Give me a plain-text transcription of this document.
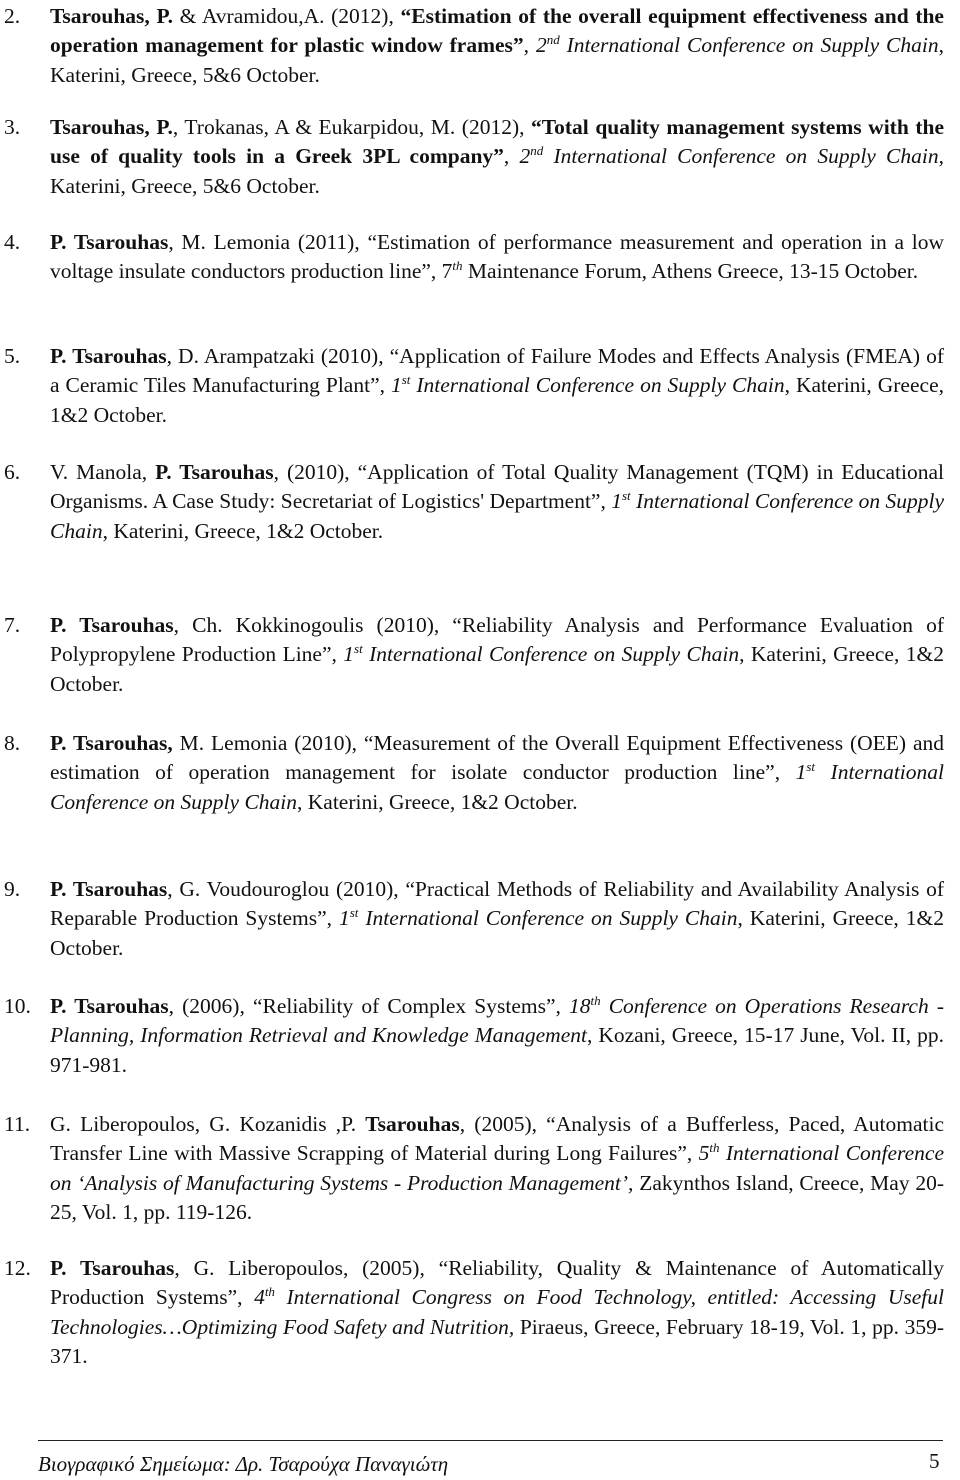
2. Tsarouhas, P. & Avramidou,A. (2012), “Estimation of the overall equipment effectiveness and the operation management for plastic window frames”, 2nd International Conference on Supply Chain, Katerini, Greece, 5&6 October.
3. Tsarouhas, P., Trokanas, A & Eukarpidou, M. (2012), “Total quality management systems with the use of quality tools in a Greek 3PL company”, 2nd International Conference on Supply Chain, Katerini, Greece, 5&6 October.
4. P. Tsarouhas, M. Lemonia (2011), “Estimation of performance measurement and operation in a low voltage insulate conductors production line”, 7th Maintenance Forum, Athens Greece, 13-15 October.
5. P. Tsarouhas, D. Arampatzaki (2010), “Application of Failure Modes and Effects Analysis (FMEA) of a Ceramic Tiles Manufacturing Plant”, 1st International Conference on Supply Chain, Katerini, Greece, 1&2 October.
6. V. Manola, P. Tsarouhas, (2010), “Application of Total Quality Management (TQM) in Educational Organisms. A Case Study: Secretariat of Logistics' Department”, 1st International Conference on Supply Chain, Katerini, Greece, 1&2 October.
7. P. Tsarouhas, Ch. Kokkinogoulis (2010), “Reliability Analysis and Performance Evaluation of Polypropylene Production Line”, 1st International Conference on Supply Chain, Katerini, Greece, 1&2 October.
8. P. Tsarouhas, M. Lemonia (2010), “Measurement of the Overall Equipment Effectiveness (OEE) and estimation of operation management for isolate conductor production line”, 1st International Conference on Supply Chain, Katerini, Greece, 1&2 October.
9. P. Tsarouhas, G. Voudouroglou (2010), “Practical Methods of Reliability and Availability Analysis of Reparable Production Systems”, 1st International Conference on Supply Chain, Katerini, Greece, 1&2 October.
10. P. Tsarouhas, (2006), “Reliability of Complex Systems”, 18th Conference on Operations Research - Planning, Information Retrieval and Knowledge Management, Kozani, Greece, 15-17 June, Vol. II, pp. 971-981.
11. G. Liberopoulos, G. Kozanidis ,P. Tsarouhas, (2005), “Analysis of a Bufferless, Paced, Automatic Transfer Line with Massive Scrapping of Material during Long Failures”, 5th International Conference on ‘Analysis of Manufacturing Systems - Production Management’, Zakynthos Island, Creece, May 20-25, Vol. 1, pp. 119-126.
12. P. Tsarouhas, G. Liberopoulos, (2005), “Reliability, Quality & Maintenance of Automatically Production Systems”, 4th International Congress on Food Technology, entitled: Accessing Useful Technologies…Optimizing Food Safety and Nutrition, Piraeus, Greece, February 18-19, Vol. 1, pp. 359-371.
Βιογραφικό Σημείωμα: Δρ. Τσαρούχα Παναγιώτη	5
